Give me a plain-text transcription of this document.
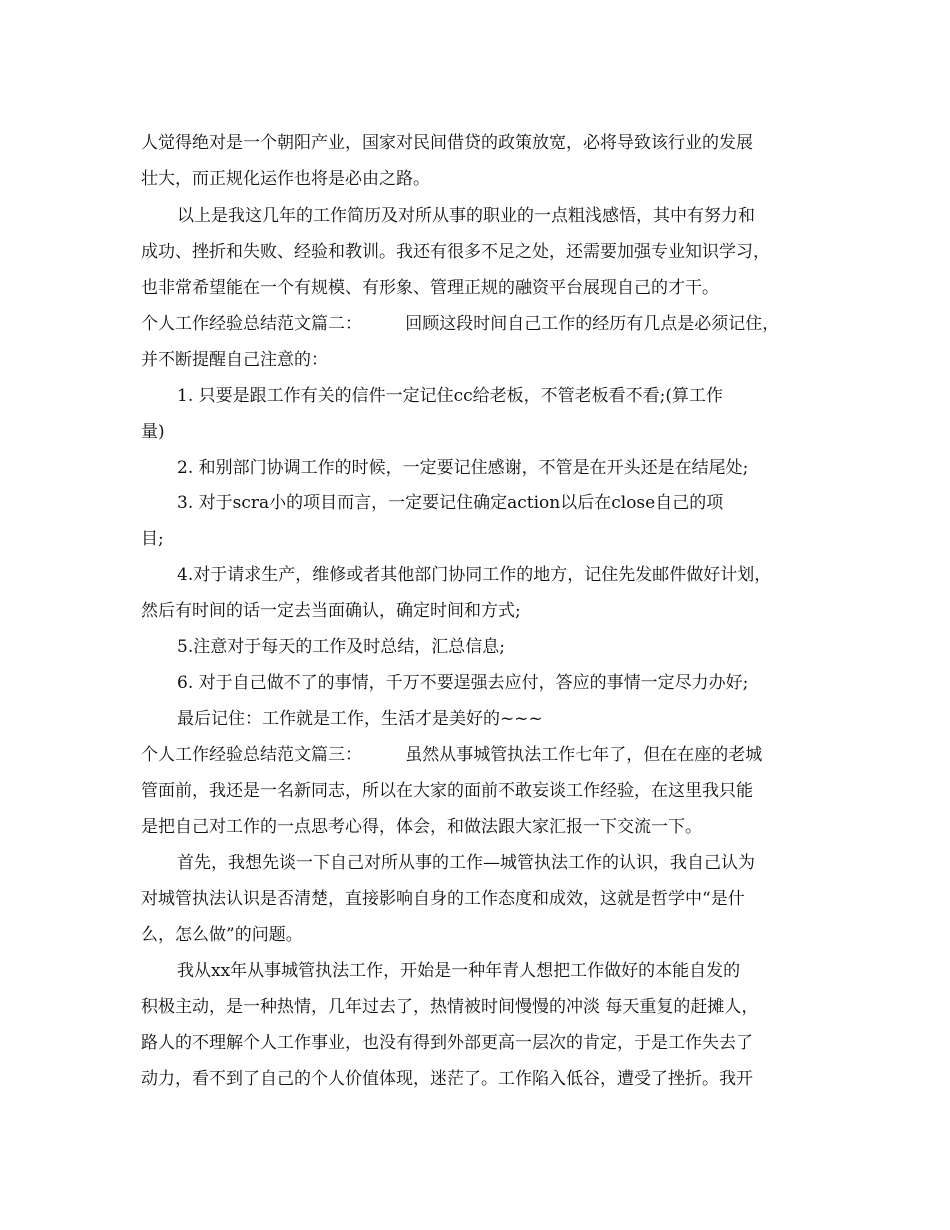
人觉得绝对是一个朝阳产业，国家对民间借贷的政策放宽，必将导致该行业的发展
壮大，而正规化运作也将是必由之路。
以上是我这几年的工作简历及对所从事的职业的一点粗浅感悟，其中有努力和
成功、挫折和失败、经验和教训。我还有很多不足之处，还需要加强专业知识学习，
也非常希望能在一个有规模、有形象、管理正规的融资平台展现自己的才干。
个人工作经验总结范文篇二：        回顾这段时间自己工作的经历有几点是必须记住，
并不断提醒自己注意的：
1. 只要是跟工作有关的信件一定记住cc给老板，不管老板看不看;(算工作
量)
2. 和别部门协调工作的时候，一定要记住感谢，不管是在开头还是在结尾处;
3. 对于scra小的项目而言，一定要记住确定action以后在close自己的项
目;
4.对于请求生产，维修或者其他部门协同工作的地方，记住先发邮件做好计划，
然后有时间的话一定去当面确认，确定时间和方式;
5.注意对于每天的工作及时总结，汇总信息;
6. 对于自己做不了的事情，千万不要逞强去应付，答应的事情一定尽力办好;
最后记住：工作就是工作，生活才是美好的~~~
个人工作经验总结范文篇三：        虽然从事城管执法工作七年了，但在在座的老城
管面前，我还是一名新同志，所以在大家的面前不敢妄谈工作经验，在这里我只能
是把自己对工作的一点思考心得，体会，和做法跟大家汇报一下交流一下。
首先，我想先谈一下自己对所从事的工作—城管执法工作的认识，我自己认为
对城管执法认识是否清楚，直接影响自身的工作态度和成效，这就是哲学中“是什
么，怎么做”的问题。
我从xx年从事城管执法工作，开始是一种年青人想把工作做好的本能自发的
积极主动，是一种热情，几年过去了，热情被时间慢慢的冲淡 每天重复的赶摊人，
路人的不理解个人工作事业，也没有得到外部更高一层次的肯定，于是工作失去了
动力，看不到了自己的个人价值体现，迷茫了。工作陷入低谷，遭受了挫折。我开
